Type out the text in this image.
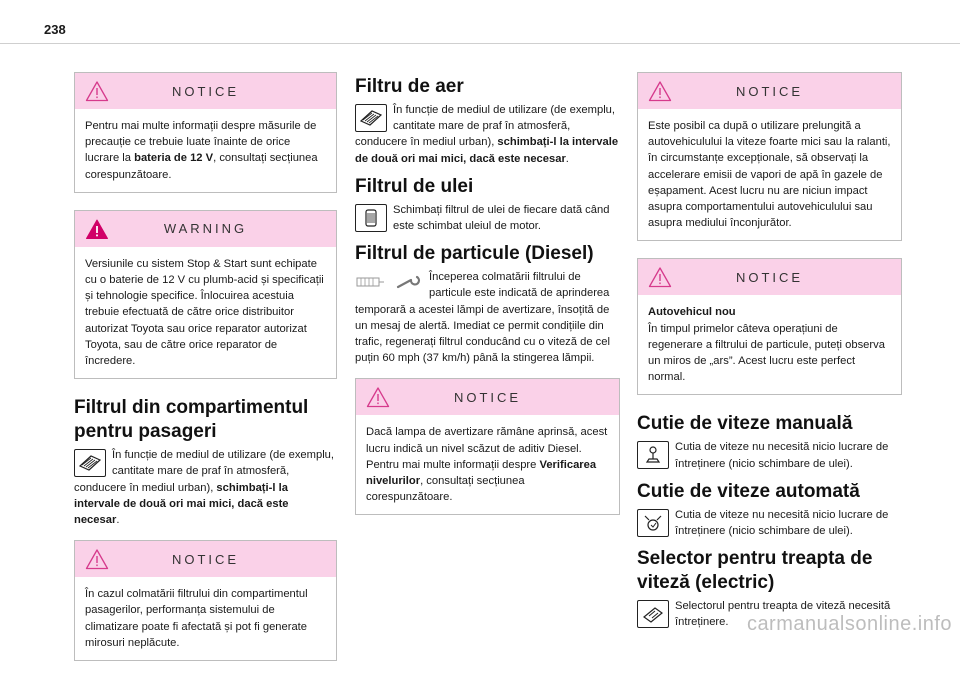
238
NOTICE
Pentru mai multe informații despre măsurile de precauție ce trebuie luate înainte de orice lucrare la bateria de 12 V, consultați secțiunea corespunzătoare.
WARNING
Versiunile cu sistem Stop & Start sunt echipate cu o baterie de 12 V cu plumb-acid și specificații și tehnologie specifice. Înlocuirea acestuia trebuie efectuată de către orice distribuitor autorizat Toyota sau orice reparator autorizat Toyota, sau de către orice reparator de încredere.
Filtrul din compartimentul pentru pasageri
În funcție de mediul de utilizare (de exemplu, cantitate mare de praf în atmosferă, conducere în mediul urban), schimbați-l la intervale de două ori mai mici, dacă este necesar.
NOTICE
În cazul colmatării filtrului din compartimentul pasagerilor, performanța sistemului de climatizare poate fi afectată și pot fi generate mirosuri neplăcute.
Filtru de aer
În funcție de mediul de utilizare (de exemplu, cantitate mare de praf în atmosferă, conducere în mediul urban), schimbați-l la intervale de două ori mai mici, dacă este necesar.
Filtrul de ulei
Schimbați filtrul de ulei de fiecare dată când este schimbat uleiul de motor.
Filtrul de particule (Diesel)
Începerea colmatării filtrului de particule este indicată de aprinderea temporară a acestei lămpi de avertizare, însoțită de un mesaj de alertă. Imediat ce permit condițiile din trafic, regenerați filtrul conducând cu o viteză de cel puțin 60 mph (37 km/h) până la stingerea lămpii.
NOTICE
Dacă lampa de avertizare rămâne aprinsă, acest lucru indică un nivel scăzut de aditiv Diesel.
Pentru mai multe informații despre Verificarea nivelurilor, consultați secțiunea corespunzătoare.
NOTICE
Este posibil ca după o utilizare prelungită a autovehiculului la viteze foarte mici sau la ralanti, în circumstanțe excepționale, să observați la accelerare emisii de vapori de apă în gazele de eșapament. Acest lucru nu are niciun impact asupra comportamentului autovehiculului sau asupra mediului înconjurător.
NOTICE
Autovehicul nou
În timpul primelor câteva operațiuni de regenerare a filtrului de particule, puteți observa un miros de „ars”. Acest lucru este perfect normal.
Cutie de viteze manuală
Cutia de viteze nu necesită nicio lucrare de întreținere (nicio schimbare de ulei).
Cutie de viteze automată
Cutia de viteze nu necesită nicio lucrare de întreținere (nicio schimbare de ulei).
Selector pentru treapta de viteză (electric)
Selectorul pentru treapta de viteză necesită întreținere. carmanualsonline.info
